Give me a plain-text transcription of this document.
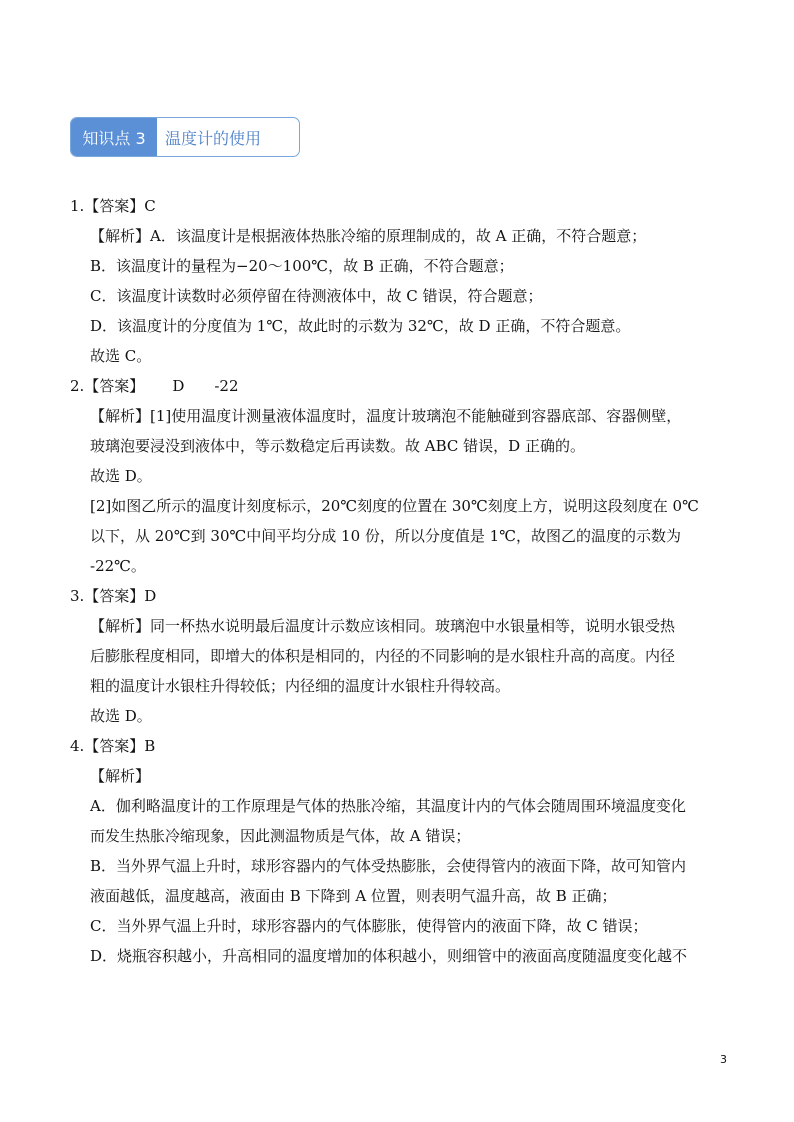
知识点 3	温度计的使用
1.【答案】C
【解析】A．该温度计是根据液体热胀冷缩的原理制成的，故 A 正确，不符合题意；
B．该温度计的量程为−20～100℃，故 B 正确，不符合题意；
C．该温度计读数时必须停留在待测液体中，故 C 错误，符合题意；
D．该温度计的分度值为 1℃，故此时的示数为 32℃，故 D 正确，不符合题意。
故选 C。
2.【答案】 D -22
【解析】[1]使用温度计测量液体温度时，温度计玻璃泡不能触碰到容器底部、容器侧壁，
玻璃泡要浸没到液体中，等示数稳定后再读数。故 ABC 错误，D 正确的。
故选 D。
[2]如图乙所示的温度计刻度标示，20℃刻度的位置在 30℃刻度上方，说明这段刻度在 0℃
以下，从 20℃到 30℃中间平均分成 10 份，所以分度值是 1℃，故图乙的温度的示数为
-22℃。
3.【答案】D
【解析】同一杯热水说明最后温度计示数应该相同。玻璃泡中水银量相等，说明水银受热
后膨胀程度相同，即增大的体积是相同的，内径的不同影响的是水银柱升高的高度。内径
粗的温度计水银柱升得较低；内径细的温度计水银柱升得较高。
故选 D。
4.【答案】B
【解析】
A．伽利略温度计的工作原理是气体的热胀冷缩，其温度计内的气体会随周围环境温度变化
而发生热胀冷缩现象，因此测温物质是气体，故 A 错误；
B．当外界气温上升时，球形容器内的气体受热膨胀，会使得管内的液面下降，故可知管内
液面越低，温度越高，液面由 B 下降到 A 位置，则表明气温升高，故 B 正确；
C．当外界气温上升时，球形容器内的气体膨胀，使得管内的液面下降，故 C 错误；
D．烧瓶容积越小，升高相同的温度增加的体积越小，则细管中的液面高度随温度变化越不
3
